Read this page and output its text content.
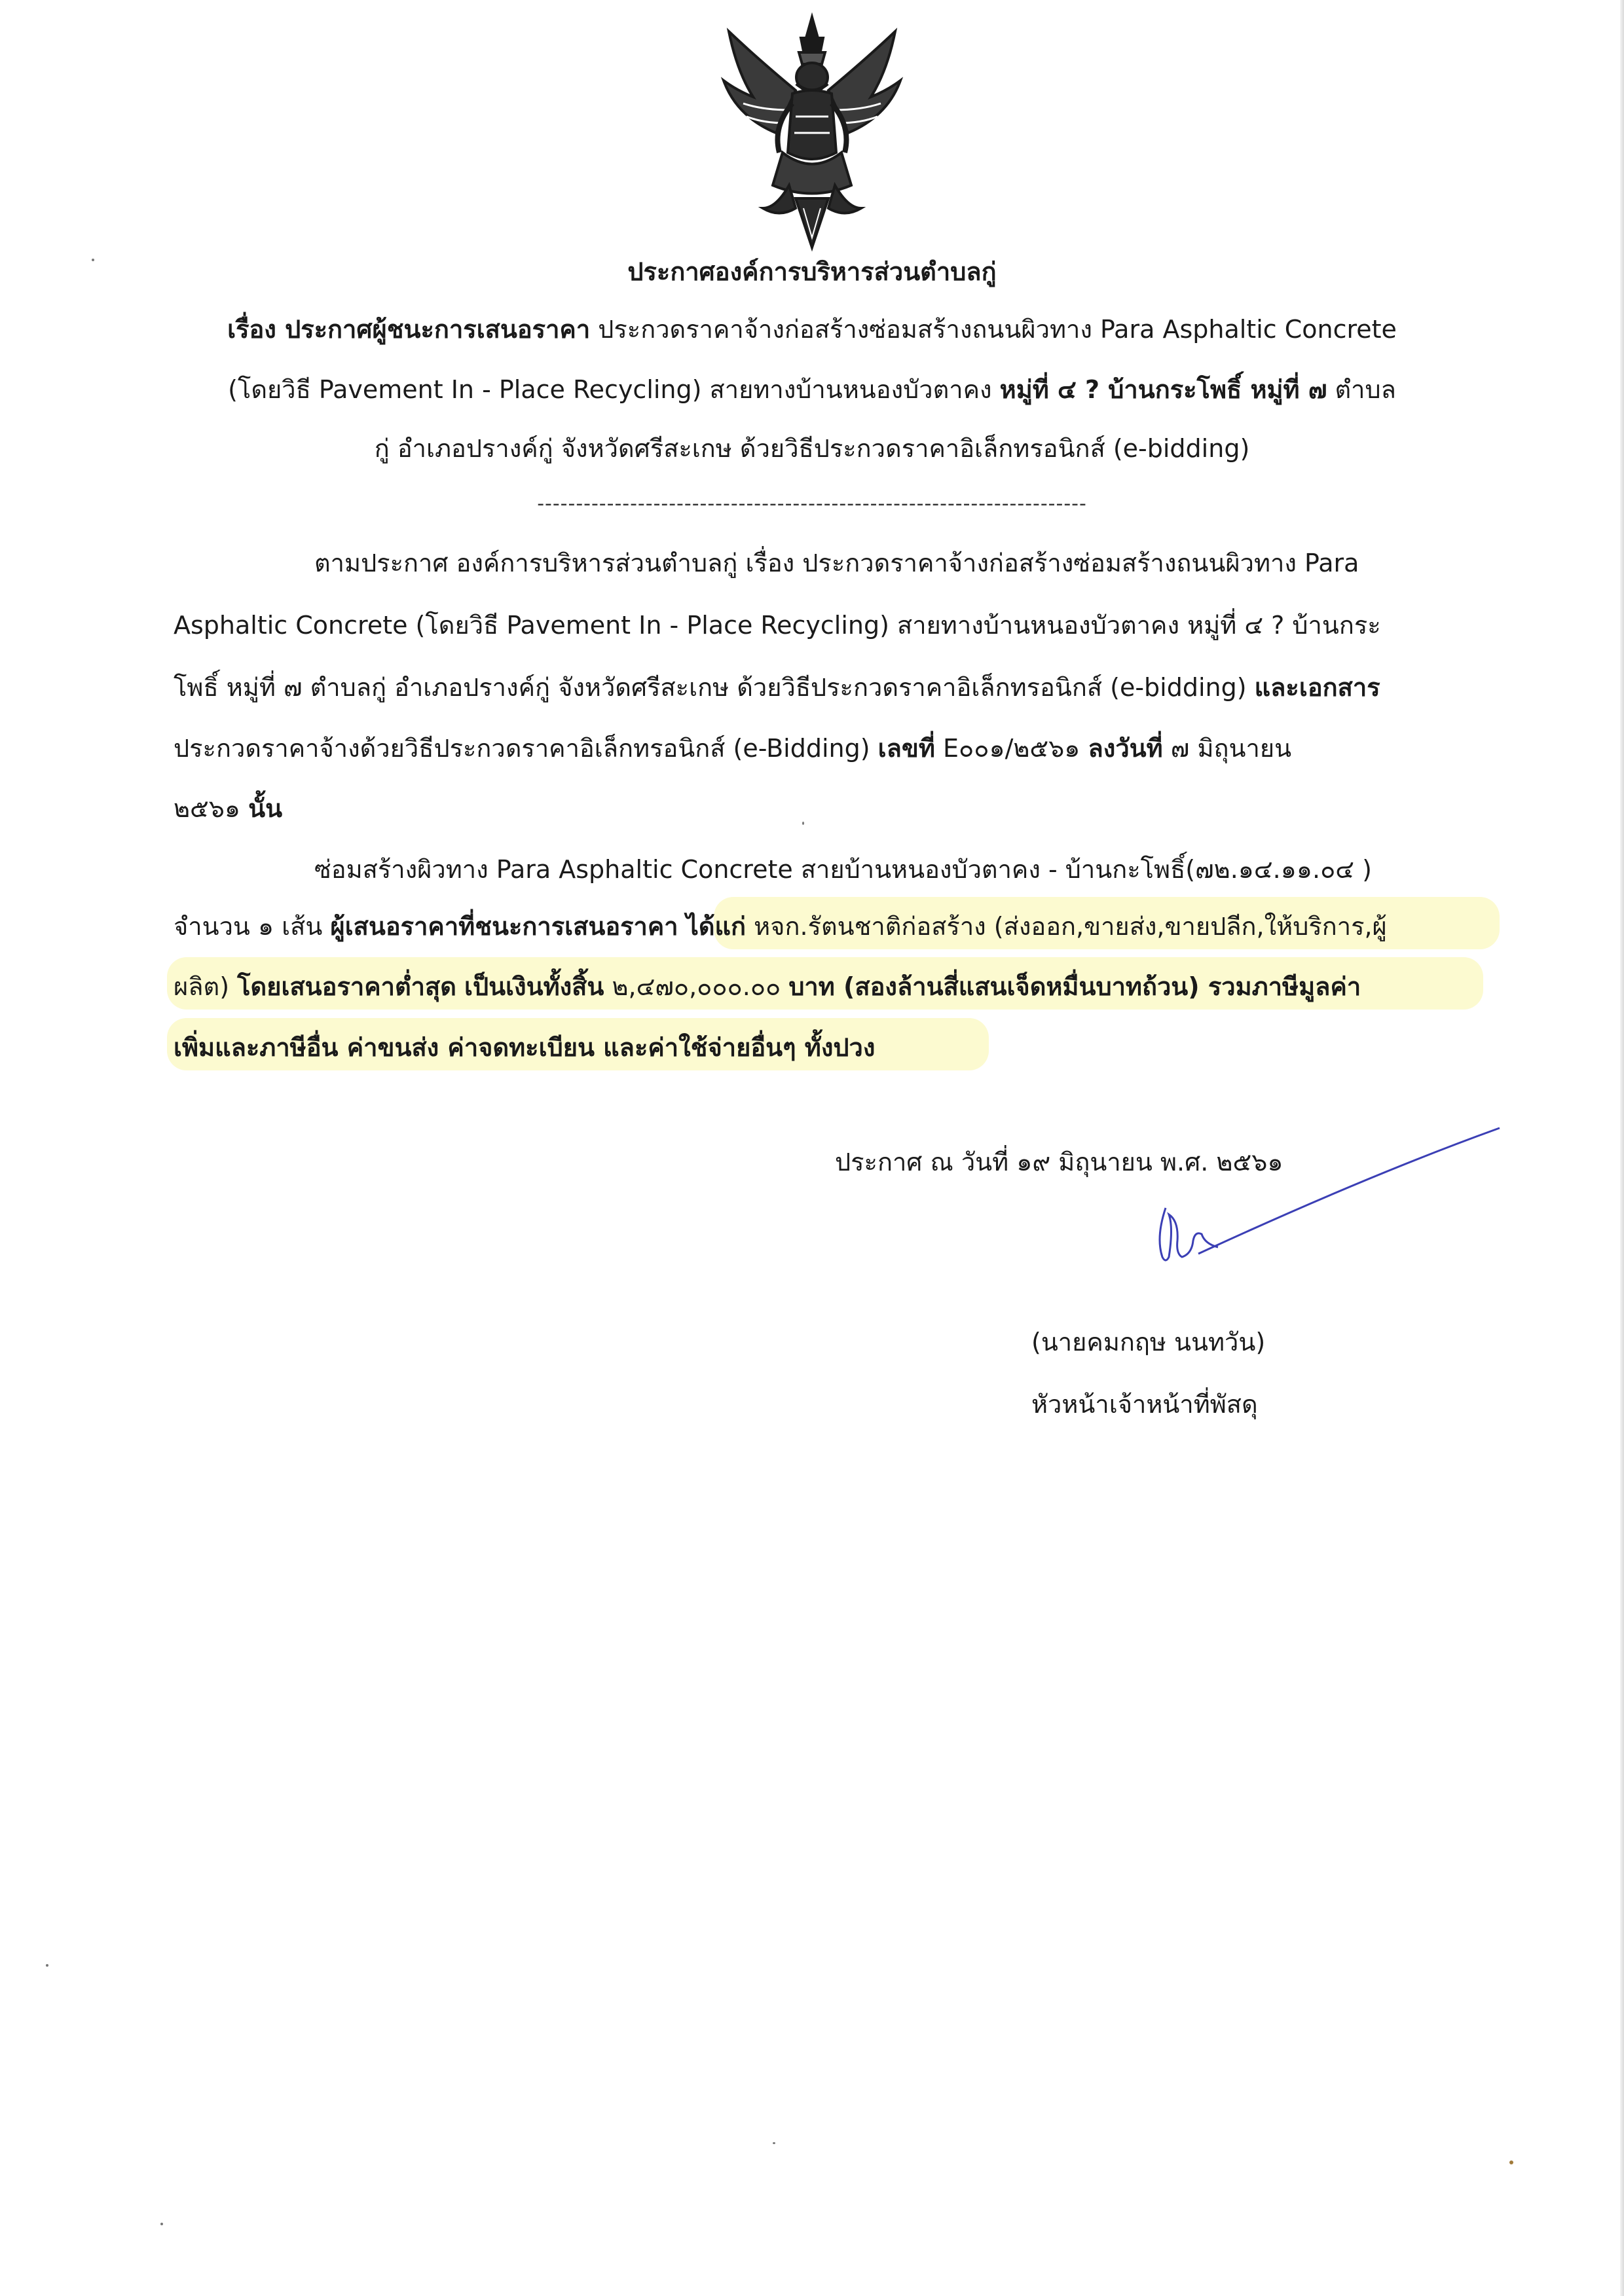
ประกาศองค์การบริหารส่วนตำบลกู่
เรื่อง ประกาศผู้ชนะการเสนอราคา ประกวดราคาจ้างก่อสร้างซ่อมสร้างถนนผิวทาง Para Asphaltic Concrete
(โดยวิธี Pavement In - Place Recycling) สายทางบ้านหนองบัวตาคง หมู่ที่ ๔ ? บ้านกระโพธิ์ หมู่ที่ ๗ ตำบล
กู่ อำเภอปรางค์กู่ จังหวัดศรีสะเกษ ด้วยวิธีประกวดราคาอิเล็กทรอนิกส์ (e-bidding)
-----------------------------------------------------------------------
ตามประกาศ องค์การบริหารส่วนตำบลกู่ เรื่อง ประกวดราคาจ้างก่อสร้างซ่อมสร้างถนนผิวทาง Para
Asphaltic Concrete (โดยวิธี Pavement In - Place Recycling) สายทางบ้านหนองบัวตาคง หมู่ที่ ๔ ? บ้านกระ
โพธิ์ หมู่ที่ ๗ ตำบลกู่ อำเภอปรางค์กู่ จังหวัดศรีสะเกษ ด้วยวิธีประกวดราคาอิเล็กทรอนิกส์ (e-bidding) และเอกสาร
ประกวดราคาจ้างด้วยวิธีประกวดราคาอิเล็กทรอนิกส์ (e-Bidding) เลขที่ E๐๐๑/๒๕๖๑ ลงวันที่ ๗ มิถุนายน
๒๕๖๑ นั้น
ซ่อมสร้างผิวทาง Para Asphaltic Concrete สายบ้านหนองบัวตาคง - บ้านกะโพธิ์(๗๒.๑๔.๑๑.๐๔ )
จำนวน ๑ เส้น ผู้เสนอราคาที่ชนะการเสนอราคา ได้แก่ หจก.รัตนชาติก่อสร้าง (ส่งออก,ขายส่ง,ขายปลีก,ให้บริการ,ผู้
ผลิต) โดยเสนอราคาต่ำสุด เป็นเงินทั้งสิ้น ๒,๔๗๐,๐๐๐.๐๐ บาท (สองล้านสี่แสนเจ็ดหมื่นบาทถ้วน) รวมภาษีมูลค่า
เพิ่มและภาษีอื่น ค่าขนส่ง ค่าจดทะเบียน และค่าใช้จ่ายอื่นๆ ทั้งปวง
ประกาศ ณ วันที่ ๑๙ มิถุนายน พ.ศ. ๒๕๖๑
(นายคมกฤษ นนทวัน)
หัวหน้าเจ้าหน้าที่พัสดุ
